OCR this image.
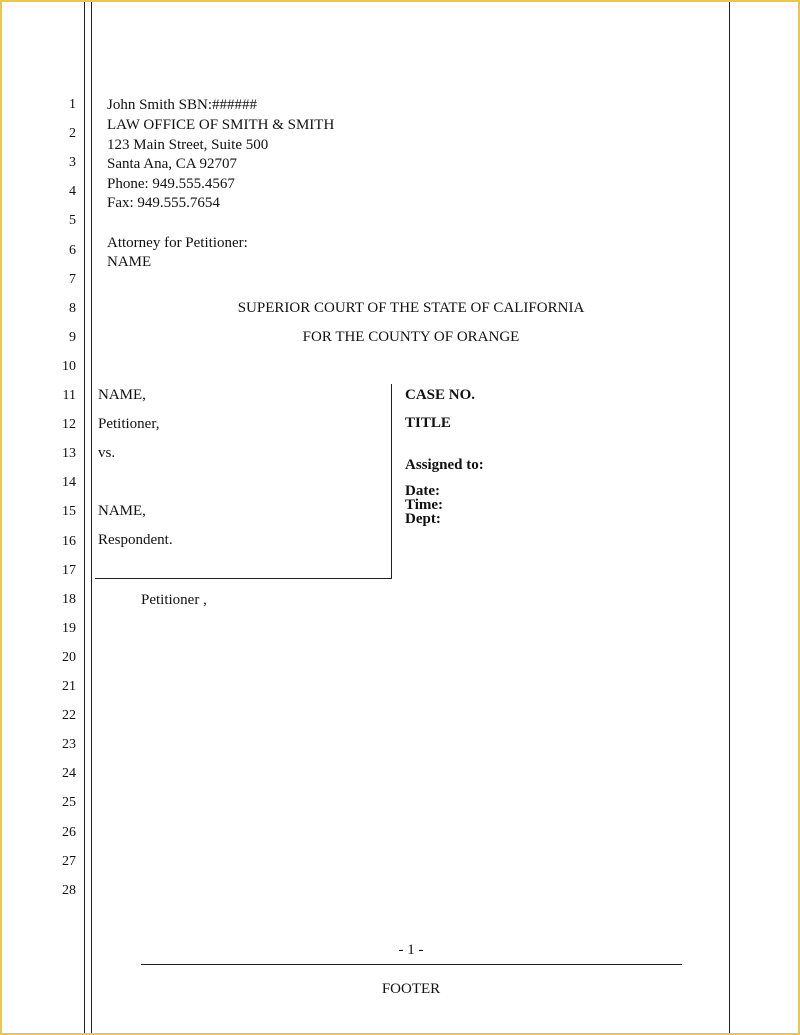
1
2
3
4
5
6
7
8
9
10
11
12
13
14
15
16
17
18
19
20
21
22
23
24
25
26
27
28
John Smith SBN:######
LAW OFFICE OF SMITH & SMITH
123 Main Street, Suite 500
Santa Ana, CA 92707
Phone: 949.555.4567
Fax: 949.555.7654
Attorney for Petitioner:
NAME
SUPERIOR COURT OF THE STATE OF CALIFORNIA
FOR THE COUNTY OF ORANGE
NAME,
Petitioner,
vs.
NAME,
Respondent.
CASE NO.
TITLE
Assigned to:
Date:
Time:
Dept:
Petitioner ,
- 1 -
FOOTER
